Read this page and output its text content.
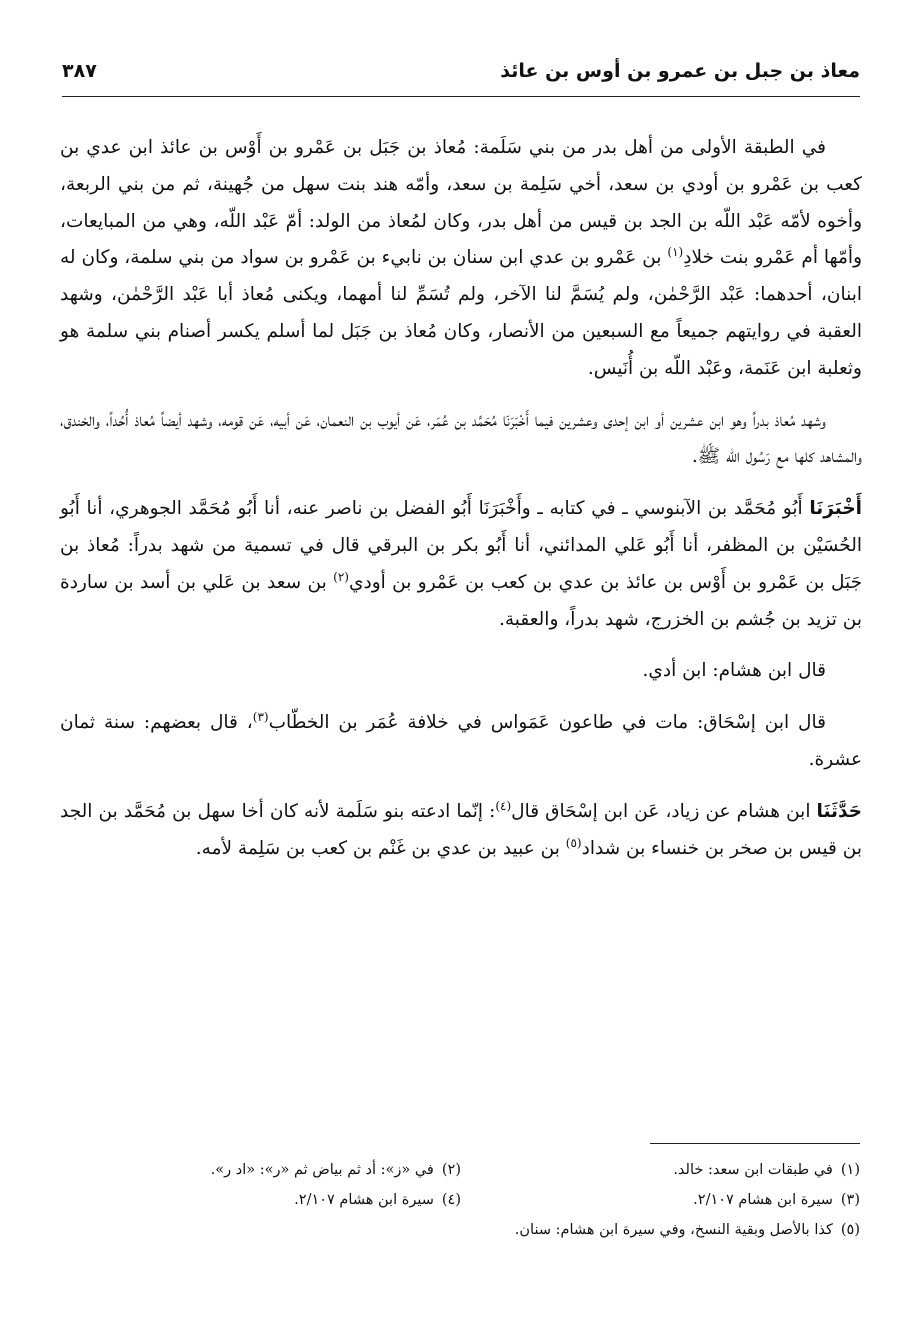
معاذ بن جبل بن عمرو بن أوس بن عائذ
٣٨٧

في الطبقة الأولى من أهل بدر من بني سَلَمة: مُعاذ بن جَبَل بن عَمْرو بن أَوْس بن عائذ ابن عدي بن كعب بن عَمْرو بن أودي بن سعد، أخي سَلِمة بن سعد، وأمّه هند بنت سهل من جُهينة، ثم من بني الربعة، وأخوه لأمّه عَبْد اللّه بن الجد بن قيس من أهل بدر، وكان لمُعاذ من الولد: أمّ عَبْد اللّه، وهي من المبايعات، وأمّها أم عَمْرو بنت خلادِ$^{(١)}$ بن عَمْرو بن عدي ابن سنان بن نابيء بن عَمْرو بن سواد من بني سلمة، وكان له ابنان، أحدهما: عَبْد الرَّحْمٰن، ولم يُسَمَّ لنا الآخر، ولم تُسَمِّ لنا أمهما، ويكنى مُعاذ أبا عَبْد الرَّحْمٰن، وشهد العقبة في روايتهم جميعاً مع السبعين من الأنصار، وكان مُعاذ بن جَبَل لما أسلم يكسر أصنام بني سلمة هو وثعلبة ابن عَنَمة، وعَبْد اللّه بن أُنَيس.

وشهد مُعاذ بدراً وهو ابن عشرين أو ابن إحدى وعشرين فيما أَخْبَرَنَا مُحَمَّد بن عُمَر، عَن أيوب بن النعمان، عَن أبيه، عَن قومه، وشهد أيضاً مُعاذ أُحُداً، والخندق، والمشاهد كلها مع رَسُول اللّه ﷺ.

أَخْبَرَنَا أَبُو مُحَمَّد بن الآبنوسي ـ في كتابه ـ وأَخْبَرَنَا أَبُو الفضل بن ناصر عنه، أنا أَبُو مُحَمَّد الجوهري، أنا أَبُو الحُسَيْن بن المظفر، أنا أَبُو عَلي المدائني، أنا أَبُو بكر بن البرقي قال في تسمية من شهد بدراً: مُعاذ بن جَبَل بن عَمْرو بن أَوْس بن عائذ بن عدي بن كعب بن عَمْرو بن أودي$^{(٢)}$ بن سعد بن عَلي بن أسد بن ساردة بن تزيد بن جُشم بن الخزرج، شهد بدراً، والعقبة.

قال ابن هشام: ابن أدي.

قال ابن إسْحَاق: مات في طاعون عَمَواس في خلافة عُمَر بن الخطّاب$^{(٣)}$، قال بعضهم: سنة ثمان عشرة.

حَدَّثَنَا ابن هشام عن زياد، عَن ابن إسْحَاق قال$^{(٤)}$: إنّما ادعته بنو سَلَمة لأنه كان أخا سهل بن مُحَمَّد بن الجد بن قيس بن صخر بن خنساء بن شداد$^{(٥)}$ بن عبيد بن عدي بن غَنْم بن كعب بن سَلِمة لأمه.

(١)في طبقات ابن سعد: خالد.
(٢)في «ز»: أد ثم بياض ثم «ر»: «اد ر».
(٣)سيرة ابن هشام ٢/١٠٧.
(٤)سيرة ابن هشام ٢/١٠٧.
(٥)كذا بالأصل وبقية النسخ، وفي سيرة ابن هشام: سنان.
